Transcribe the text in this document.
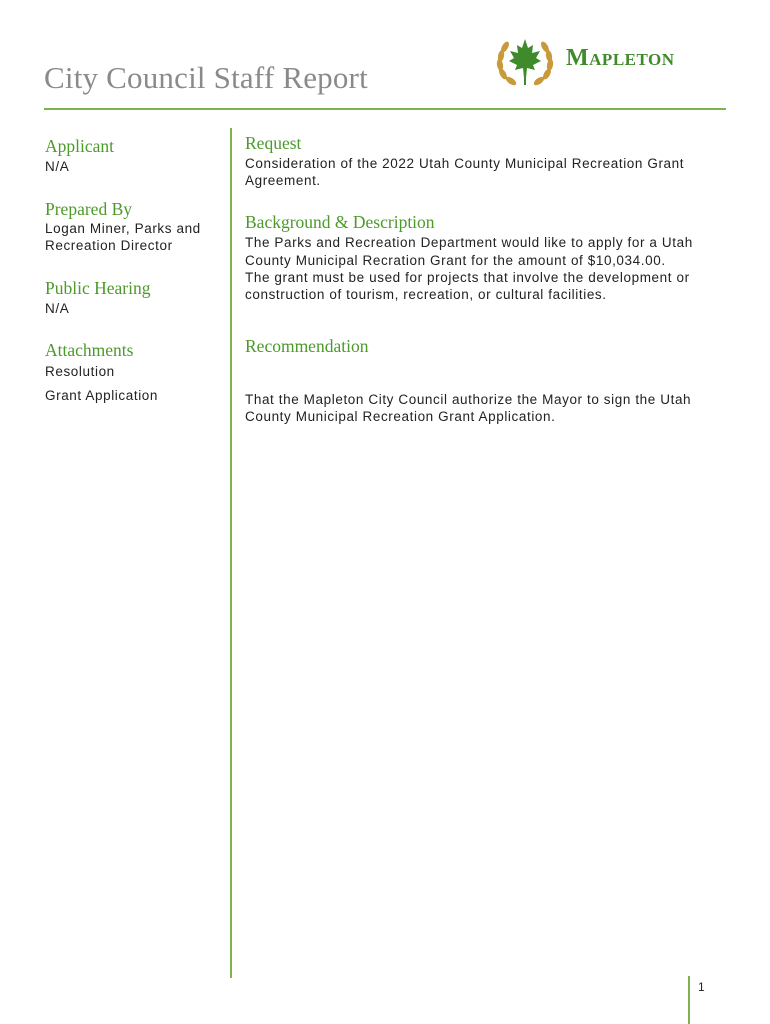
City Council Staff Report
Mapleton
Applicant
N/A
Prepared By
Logan Miner, Parks and
Recreation Director
Public Hearing
N/A
Attachments
Resolution
Grant Application
Request
Consideration of the 2022 Utah County Municipal Recreation Grant
Agreement.
Background & Description
The Parks and Recreation Department would like to apply for a Utah
County Municipal Recration Grant for the amount of $10,034.00.
The grant must be used for projects that involve the development or
construction of tourism, recreation, or cultural facilities.
Recommendation
That the Mapleton City Council authorize the Mayor to sign the Utah
County Municipal Recreation Grant Application.
1
